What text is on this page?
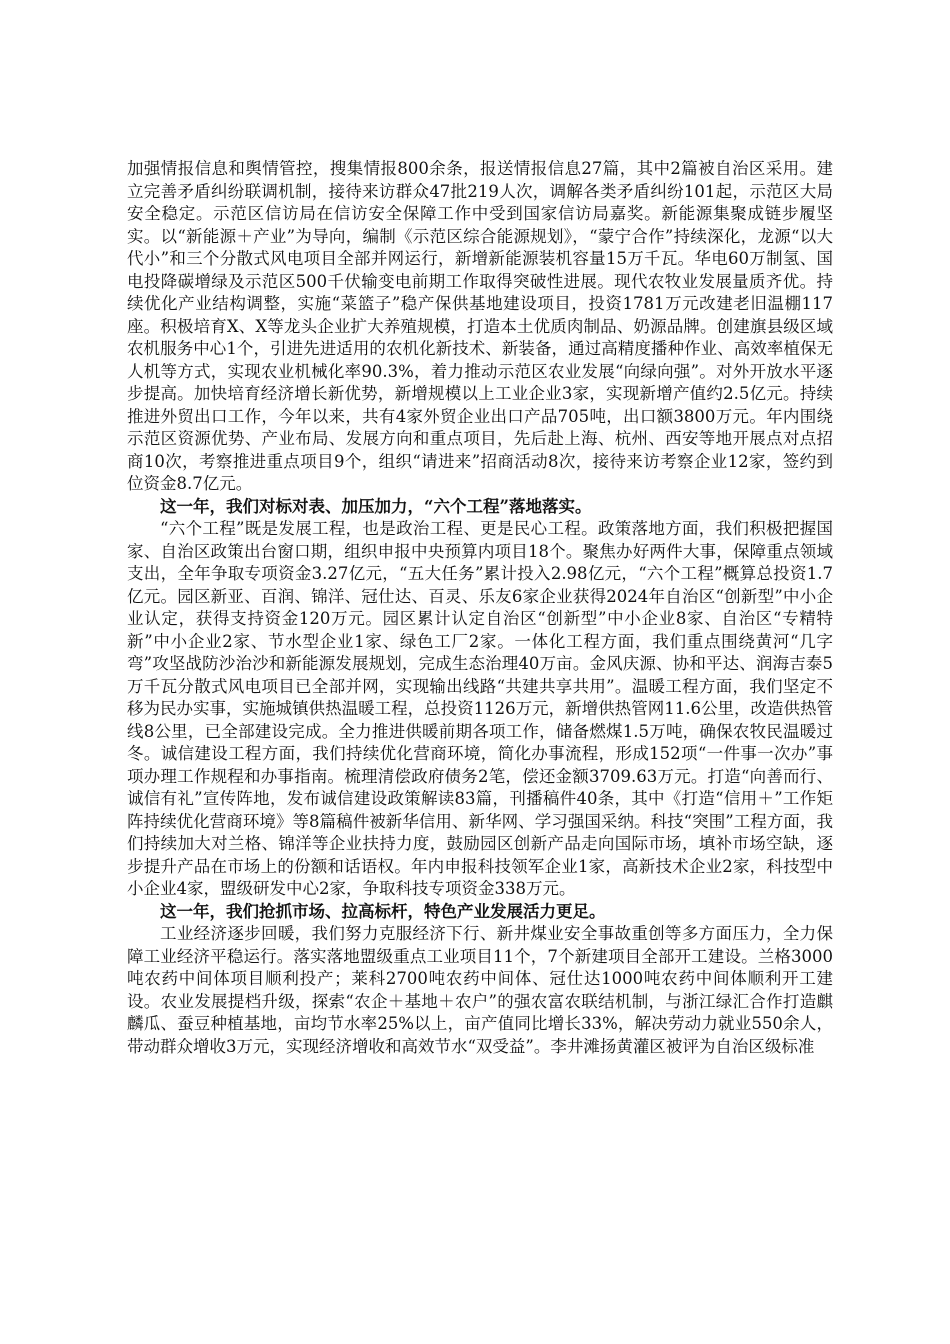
加强情报信息和舆情管控，搜集情报800余条，报送情报信息27篇，其中2篇被自治区采用。建立完善矛盾纠纷联调机制，接待来访群众47批219人次，调解各类矛盾纠纷101起，示范区大局安全稳定。示范区信访局在信访安全保障工作中受到国家信访局嘉奖。新能源集聚成链步履坚实。以“新能源＋产业”为导向，编制《示范区综合能源规划》，“蒙宁合作”持续深化，龙源“以大代小”和三个分散式风电项目全部并网运行，新增新能源装机容量15万千瓦。华电60万制氢、国电投降碳增绿及示范区500千伏输变电前期工作取得突破性进展。现代农牧业发展量质齐优。持续优化产业结构调整，实施“菜篮子”稳产保供基地建设项目，投资1781万元改建老旧温棚117座。积极培育X、X等龙头企业扩大养殖规模，打造本土优质肉制品、奶源品牌。创建旗县级区域农机服务中心1个，引进先进适用的农机化新技术、新装备，通过高精度播种作业、高效率植保无人机等方式，实现农业机械化率90.3%，着力推动示范区农业发展“向绿向强”。对外开放水平逐步提高。加快培育经济增长新优势，新增规模以上工业企业3家，实现新增产值约2.5亿元。持续推进外贸出口工作，今年以来，共有4家外贸企业出口产品705吨，出口额3800万元。年内围绕示范区资源优势、产业布局、发展方向和重点项目，先后赴上海、杭州、西安等地开展点对点招商10次，考察推进重点项目9个，组织“请进来”招商活动8次，接待来访考察企业12家，签约到位资金8.7亿元。

这一年，我们对标对表、加压加力，“六个工程”落地落实。

“六个工程”既是发展工程，也是政治工程、更是民心工程。政策落地方面，我们积极把握国家、自治区政策出台窗口期，组织申报中央预算内项目18个。聚焦办好两件大事，保障重点领域支出，全年争取专项资金3.27亿元，“五大任务”累计投入2.98亿元，“六个工程”概算总投资1.7亿元。园区新亚、百润、锦洋、冠仕达、百灵、乐友6家企业获得2024年自治区“创新型”中小企业认定，获得支持资金120万元。园区累计认定自治区“创新型”中小企业8家、自治区“专精特新”中小企业2家、节水型企业1家、绿色工厂2家。一体化工程方面，我们重点围绕黄河“几字弯”攻坚战防沙治沙和新能源发展规划，完成生态治理40万亩。金风庆源、协和平达、润海吉泰5万千瓦分散式风电项目已全部并网，实现输出线路“共建共享共用”。温暖工程方面，我们坚定不移为民办实事，实施城镇供热温暖工程，总投资1126万元，新增供热管网11.6公里，改造供热管线8公里，已全部建设完成。全力推进供暖前期各项工作，储备燃煤1.5万吨，确保农牧民温暖过冬。诚信建设工程方面，我们持续优化营商环境，简化办事流程，形成152项“一件事一次办”事项办理工作规程和办事指南。梳理清偿政府债务2笔，偿还金额3709.63万元。打造“向善而行、诚信有礼”宣传阵地，发布诚信建设政策解读83篇，刊播稿件40条，其中《打造“信用＋”工作矩阵持续优化营商环境》等8篇稿件被新华信用、新华网、学习强国采纳。科技“突围”工程方面，我们持续加大对兰格、锦洋等企业扶持力度，鼓励园区创新产品走向国际市场，填补市场空缺，逐步提升产品在市场上的份额和话语权。年内申报科技领军企业1家，高新技术企业2家，科技型中小企业4家，盟级研发中心2家，争取科技专项资金338万元。

这一年，我们抢抓市场、拉高标杆，特色产业发展活力更足。

工业经济逐步回暖，我们努力克服经济下行、新井煤业安全事故重创等多方面压力，全力保障工业经济平稳运行。落实落地盟级重点工业项目11个，7个新建项目全部开工建设。兰格3000吨农药中间体项目顺利投产；莱科2700吨农药中间体、冠仕达1000吨农药中间体顺利开工建设。农业发展提档升级，探索“农企＋基地＋农户”的强农富农联结机制，与浙江绿汇合作打造麒麟瓜、蚕豆种植基地，亩均节水率25%以上，亩产值同比增长33%，解决劳动力就业550余人，带动群众增收3万元，实现经济增收和高效节水“双受益”。李井滩扬黄灌区被评为自治区级标准
